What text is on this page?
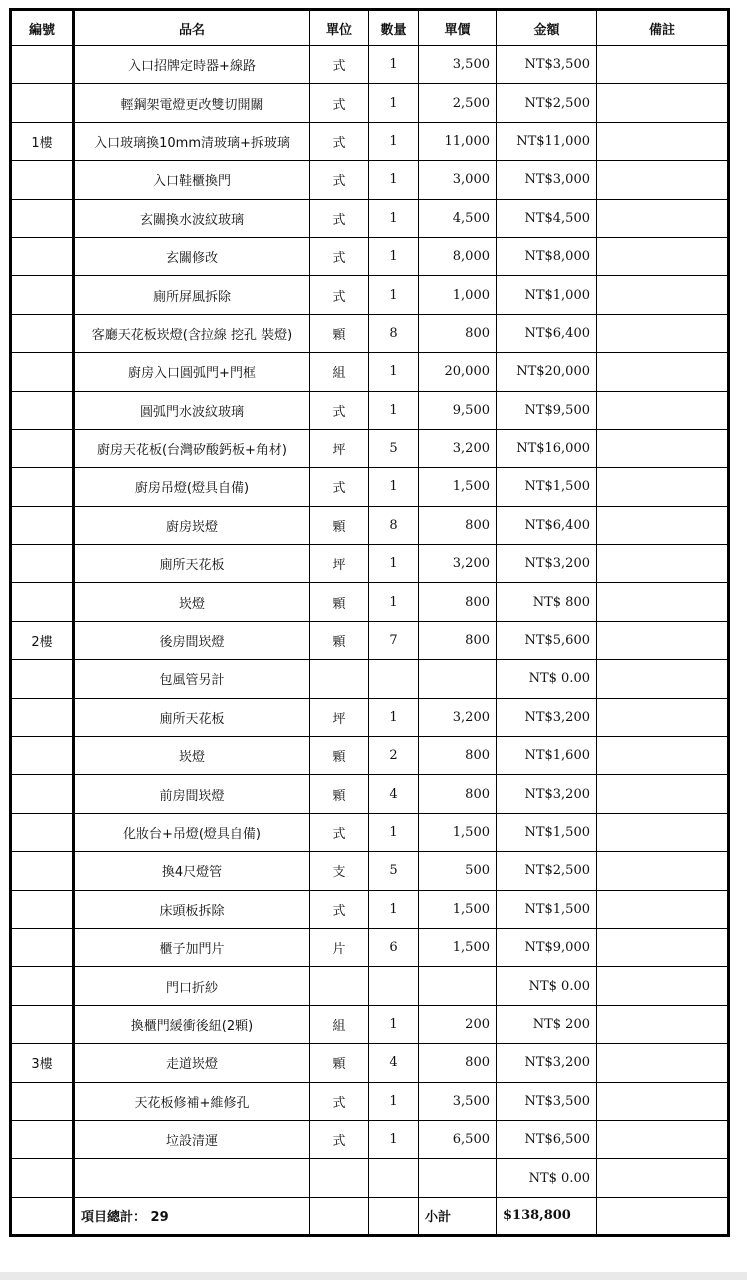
編號	品名	單位	數量	單價	金額	備註
	入口招牌定時器+線路	式	1	3,500	NT$3,500	
	輕鋼架電燈更改雙切開關	式	1	2,500	NT$2,500	
1樓	入口玻璃換10mm清玻璃+拆玻璃	式	1	11,000	NT$11,000	
	入口鞋櫃換門	式	1	3,000	NT$3,000	
	玄關換水波紋玻璃	式	1	4,500	NT$4,500	
	玄關修改	式	1	8,000	NT$8,000	
	廁所屏風拆除	式	1	1,000	NT$1,000	
	客廳天花板崁燈(含拉線 挖孔 裝燈)	顆	8	800	NT$6,400	
	廚房入口圓弧門+門框	組	1	20,000	NT$20,000	
	圓弧門水波紋玻璃	式	1	9,500	NT$9,500	
	廚房天花板(台灣矽酸鈣板+角材)	坪	5	3,200	NT$16,000	
	廚房吊燈(燈具自備)	式	1	1,500	NT$1,500	
	廚房崁燈	顆	8	800	NT$6,400	
	廁所天花板	坪	1	3,200	NT$3,200	
	崁燈	顆	1	800	NT$ 800	
2樓	後房間崁燈	顆	7	800	NT$5,600	
	包風管另計				NT$ 0.00	
	廁所天花板	坪	1	3,200	NT$3,200	
	崁燈	顆	2	800	NT$1,600	
	前房間崁燈	顆	4	800	NT$3,200	
	化妝台+吊燈(燈具自備)	式	1	1,500	NT$1,500	
	換4尺燈管	支	5	500	NT$2,500	
	床頭板拆除	式	1	1,500	NT$1,500	
	櫃子加門片	片	6	1,500	NT$9,000	
	門口折紗				NT$ 0.00	
	換櫃門緩衝後紐(2顆)	組	1	200	NT$ 200	
3樓	走道崁燈	顆	4	800	NT$3,200	
	天花板修補+維修孔	式	1	3,500	NT$3,500	
	垃設清運	式	1	6,500	NT$6,500	
					NT$ 0.00	
	項目總計： 29			小計	$138,800	
